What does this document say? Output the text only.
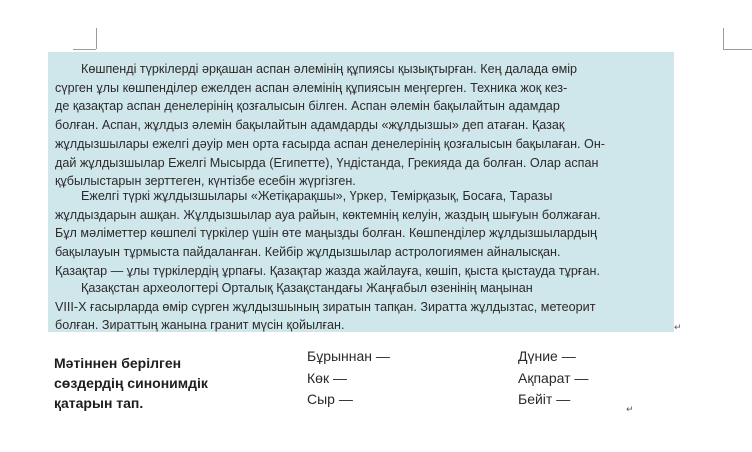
Көшпенді түркілерді әрқашан аспан әлемінің құпиясы қызықтырған. Кең далада өмір
сүрген ұлы көшпенділер ежелден аспан әлемінің құпиясын меңгерген. Техника жоқ кез-
де қазақтар аспан денелерінің қозғалысын білген. Аспан әлемін бақылайтын адамдар
болған. Аспан, жұлдыз әлемін бақылайтын адамдарды «жұлдызшы» деп атаған. Қазақ
жұлдызшылары ежелгі дәуір мен орта ғасырда аспан денелерінің қозғалысын бақылаған. Он-
дай жұлдызшылар Ежелгі Мысырда (Египетте), Үндістанда, Грекияда да болған. Олар аспан
құбылыстарын зерттеген, күнтізбе есебін жүргізген.
Ежелгі түркі жұлдызшылары «Жетіқарақшы», Үркер, Темірқазық, Босаға, Таразы
жұлдыздарын ашқан. Жұлдызшылар ауа райын, көктемнің келуін, жаздың шығуын болжаған.
Бұл мәліметтер көшпелі түркілер үшін өте маңызды болған. Көшпенділер жұлдызшылардың
бақылауын тұрмыста пайдаланған. Кейбір жұлдызшылар астрологиямен айналысқан.
Қазақтар — ұлы түркілердің ұрпағы. Қазақтар жазда жайлауға, көшіп, қыста қыстауда тұрған.
Қазақстан археологтері Орталық Қазақстандағы Жаңғабыл өзенінің маңынан
VIII-X ғасырларда өмір сүрген жұлдызшының зиратын тапқан. Зиратта жұлдызтас, метеорит
болған. Зираттың жанына гранит мүсін қойылған.	↵
Мәтіннен берілген сөздердің синонимдік қатарын тап.
Бұрыннан —
Көк —
Сыр —
Дүние —
Ақпарат —
Бейіт —
↵
